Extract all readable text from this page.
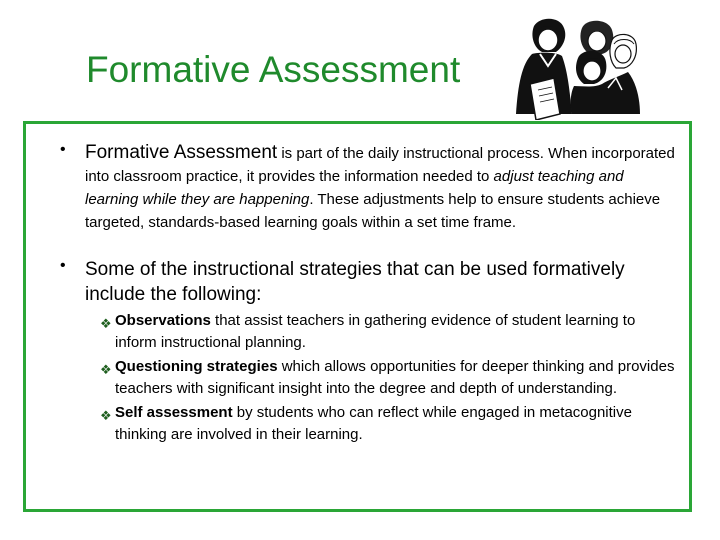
Formative Assessment
• Formative Assessment is part of the daily instructional process. When incorporated into classroom practice, it provides the information needed to adjust teaching and learning while they are happening. These adjustments help to ensure students achieve targeted, standards-based learning goals within a set time frame.
• Some of the instructional strategies that can be used formatively include the following:
❖ Observations that assist teachers in gathering evidence of student learning to inform instructional planning.
❖ Questioning strategies which allows opportunities for deeper thinking and provides teachers with significant insight into the degree and depth of understanding.
❖ Self assessment by students who can reflect while engaged in metacognitive thinking are involved in their learning.
